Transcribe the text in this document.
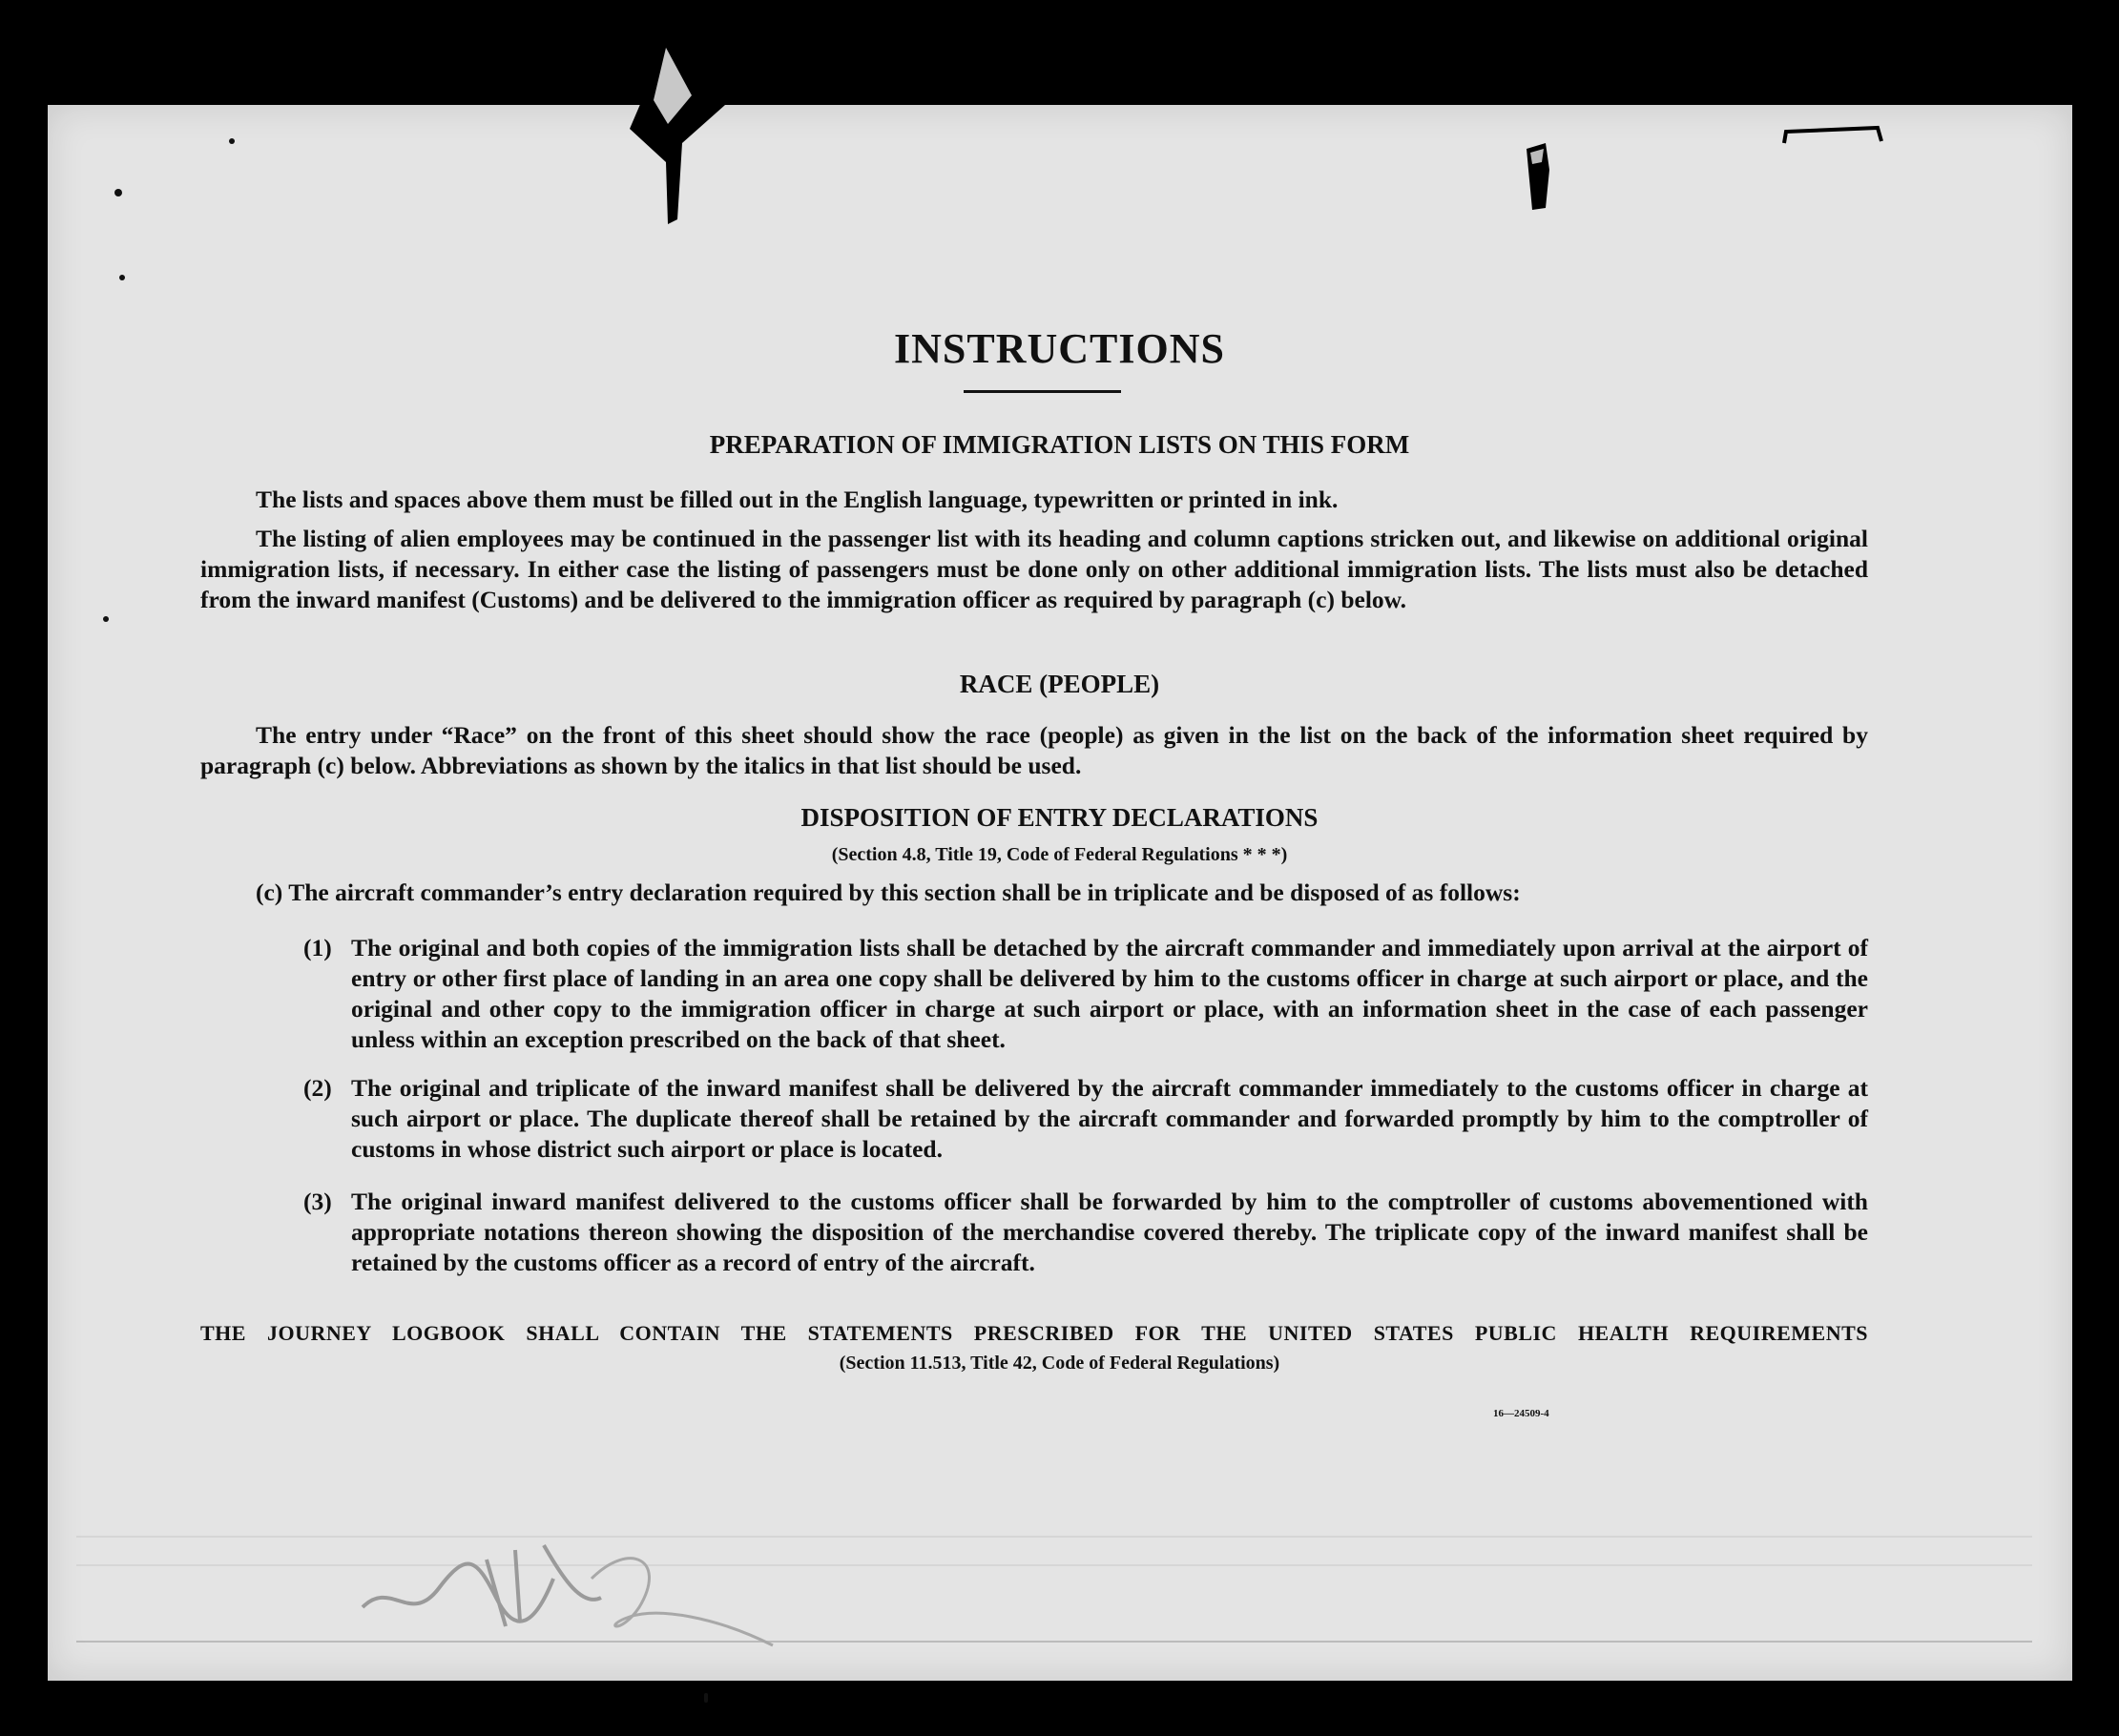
INSTRUCTIONS
PREPARATION OF IMMIGRATION LISTS ON THIS FORM

The lists and spaces above them must be filled out in the English language, typewritten or printed in ink.

The listing of alien employees may be continued in the passenger list with its heading and column captions stricken out, and likewise on additional original immigration lists, if necessary. In either case the listing of passengers must be done only on other additional immigration lists. The lists must also be detached from the inward manifest (Customs) and be delivered to the immigration officer as required by paragraph (c) below.

RACE (PEOPLE)

The entry under “Race” on the front of this sheet should show the race (people) as given in the list on the back of the information sheet required by paragraph (c) below. Abbreviations as shown by the italics in that list should be used.

DISPOSITION OF ENTRY DECLARATIONS

(Section 4.8, Title 19, Code of Federal Regulations * * *)

(c) The aircraft commander’s entry declaration required by this section shall be in triplicate and be disposed of as follows:

(1) The original and both copies of the immigration lists shall be detached by the aircraft commander and immediately upon arrival at the airport of entry or other first place of landing in an area one copy shall be delivered by him to the customs officer in charge at such airport or place, and the original and other copy to the immigration officer in charge at such airport or place, with an information sheet in the case of each passenger unless within an exception prescribed on the back of that sheet.
(2) The original and triplicate of the inward manifest shall be delivered by the aircraft commander immediately to the customs officer in charge at such airport or place. The duplicate thereof shall be retained by the aircraft commander and forwarded promptly by him to the comptroller of customs in whose district such airport or place is located.
(3) The original inward manifest delivered to the customs officer shall be forwarded by him to the comptroller of customs abovementioned with appropriate notations thereon showing the disposition of the merchandise covered thereby. The triplicate copy of the inward manifest shall be retained by the customs officer as a record of entry of the aircraft.

THE JOURNEY LOGBOOK SHALL CONTAIN THE STATEMENTS PRESCRIBED FOR THE UNITED STATES PUBLIC HEALTH REQUIREMENTS

(Section 11.513, Title 42, Code of Federal Regulations)

16—24509-4
